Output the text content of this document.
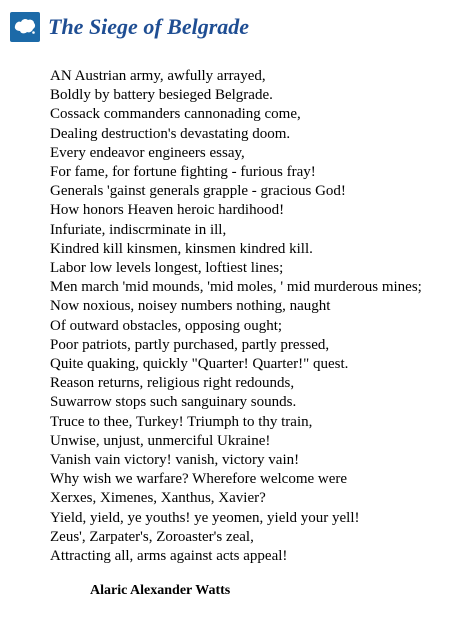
The Siege of Belgrade
AN Austrian army, awfully arrayed,
Boldly by battery besieged Belgrade.
Cossack commanders cannonading come,
Dealing destruction's devastating doom.
Every endeavor engineers essay,
For fame, for fortune fighting - furious fray!
Generals 'gainst generals grapple - gracious God!
How honors Heaven heroic hardihood!
Infuriate, indiscrminate in ill,
Kindred kill kinsmen, kinsmen kindred kill.
Labor low levels longest, loftiest lines;
Men march 'mid mounds, 'mid moles, ' mid murderous mines;
Now noxious, noisey numbers nothing, naught
Of outward obstacles, opposing ought;
Poor patriots, partly purchased, partly pressed,
Quite quaking, quickly "Quarter! Quarter!" quest.
Reason returns, religious right redounds,
Suwarrow stops such sanguinary sounds.
Truce to thee, Turkey! Triumph to thy train,
Unwise, unjust, unmerciful Ukraine!
Vanish vain victory! vanish, victory vain!
Why wish we warfare? Wherefore welcome were
Xerxes, Ximenes, Xanthus, Xavier?
Yield, yield, ye youths! ye yeomen, yield your yell!
Zeus', Zarpater's, Zoroaster's zeal,
Attracting all, arms against acts appeal!
Alaric Alexander Watts
